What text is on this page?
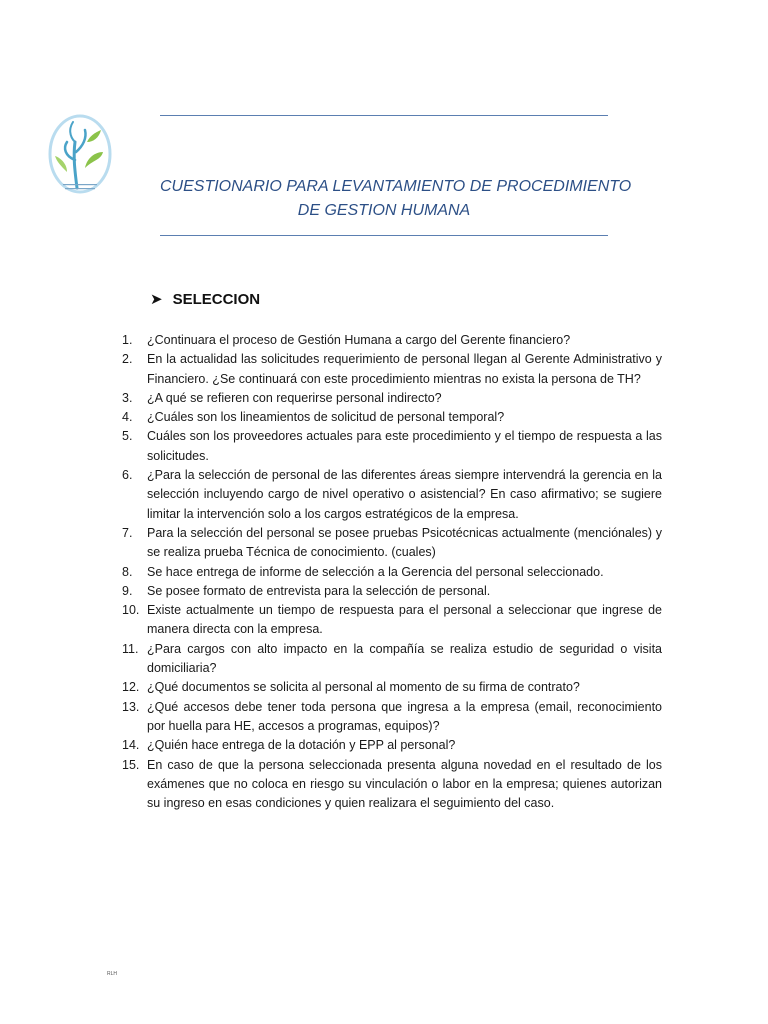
CUESTIONARIO PARA LEVANTAMIENTO DE PROCEDIMIENTO
DE GESTION HUMANA
➤ SELECCION
1.	¿Continuara el proceso de Gestión Humana a cargo del Gerente financiero?
2.	En la actualidad las solicitudes requerimiento de personal llegan al Gerente Administrativo y Financiero. ¿Se continuará con este procedimiento mientras no exista la persona de TH?
3.	¿A qué se refieren con requerirse personal indirecto?
4.	¿Cuáles son los lineamientos de solicitud de personal temporal?
5.	Cuáles son los proveedores actuales para este procedimiento y el tiempo de respuesta a las solicitudes.
6.	¿Para la selección de personal de las diferentes áreas siempre intervendrá la gerencia en la selección incluyendo cargo de nivel operativo o asistencial? En caso afirmativo; se sugiere limitar la intervención solo a los cargos estratégicos de la empresa.
7.	Para la selección del personal se posee pruebas Psicotécnicas actualmente (menciónales) y se realiza prueba Técnica de conocimiento. (cuales)
8.	Se hace entrega de informe de selección a la Gerencia del personal seleccionado.
9.	Se posee formato de entrevista para la selección de personal.
10. Existe actualmente un tiempo de respuesta para el personal a seleccionar que ingrese de manera directa con la empresa.
11. ¿Para cargos con alto impacto en la compañía se realiza estudio de seguridad o visita domiciliaria?
12. ¿Qué documentos se solicita al personal al momento de su firma de contrato?
13. ¿Qué accesos debe tener toda persona que ingresa a la empresa (email, reconocimiento por huella para HE, accesos a programas, equipos)?
14. ¿Quién hace entrega de la dotación y EPP al personal?
15. En caso de que la persona seleccionada presenta alguna novedad en el resultado de los exámenes que no coloca en riesgo su vinculación o labor en la empresa; quienes autorizan su ingreso en esas condiciones y quien realizara el seguimiento del caso.
RLH
